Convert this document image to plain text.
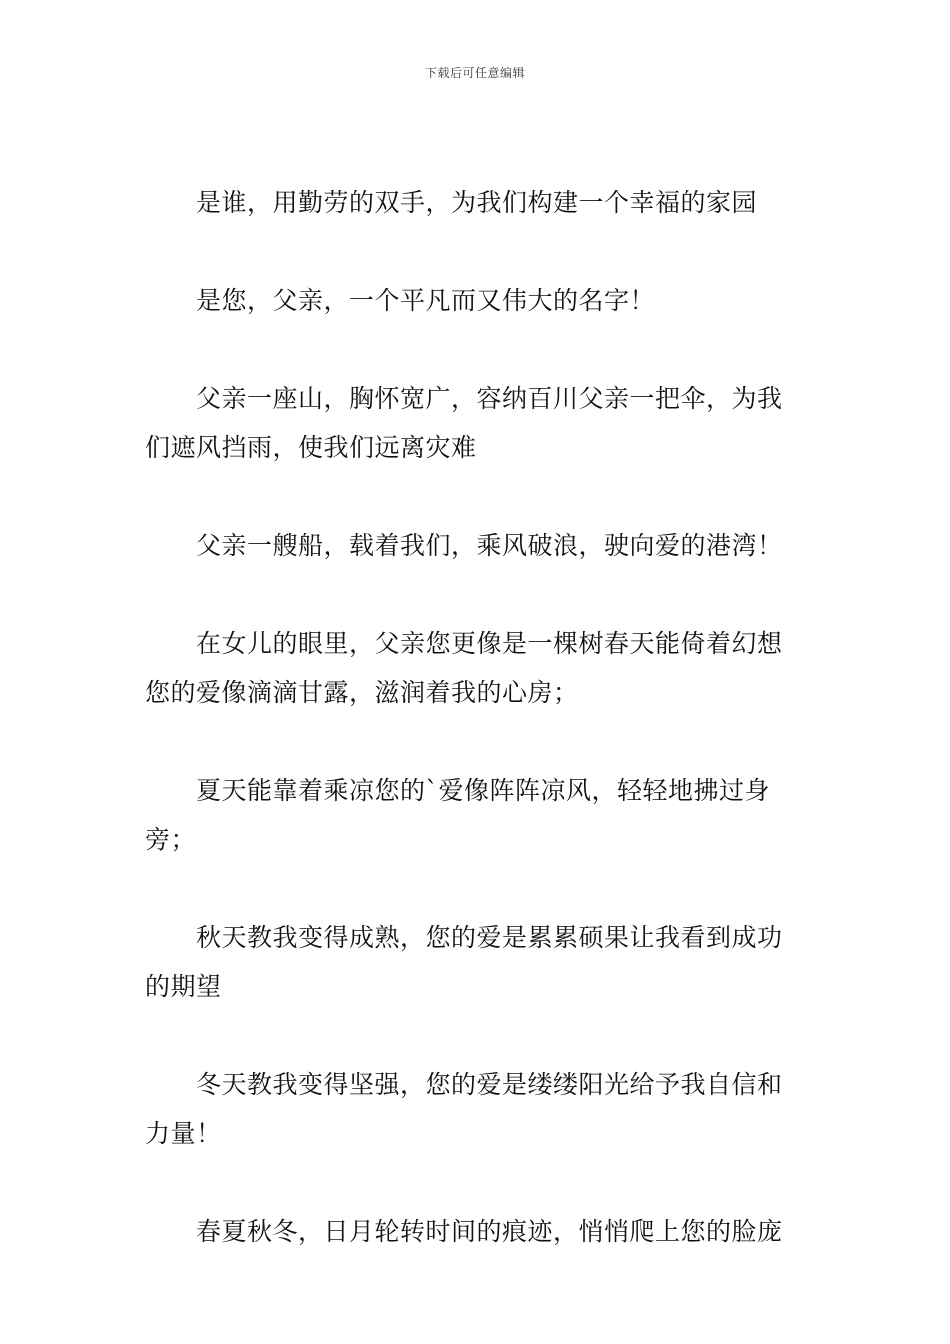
下载后可任意编辑

是谁，用勤劳的双手，为我们构建一个幸福的家园

是您，父亲，一个平凡而又伟大的名字！

父亲一座山，胸怀宽广，容纳百川父亲一把伞，为我们遮风挡雨，使我们远离灾难

父亲一艘船，载着我们，乘风破浪，驶向爱的港湾！

在女儿的眼里，父亲您更像是一棵树春天能倚着幻想您的爱像滴滴甘露，滋润着我的心房；

夏天能靠着乘凉您的`爱像阵阵凉风，轻轻地拂过身旁；

秋天教我变得成熟，您的爱是累累硕果让我看到成功的期望

冬天教我变得坚强，您的爱是缕缕阳光给予我自信和力量！

春夏秋冬，日月轮转时间的痕迹，悄悄爬上您的脸庞
